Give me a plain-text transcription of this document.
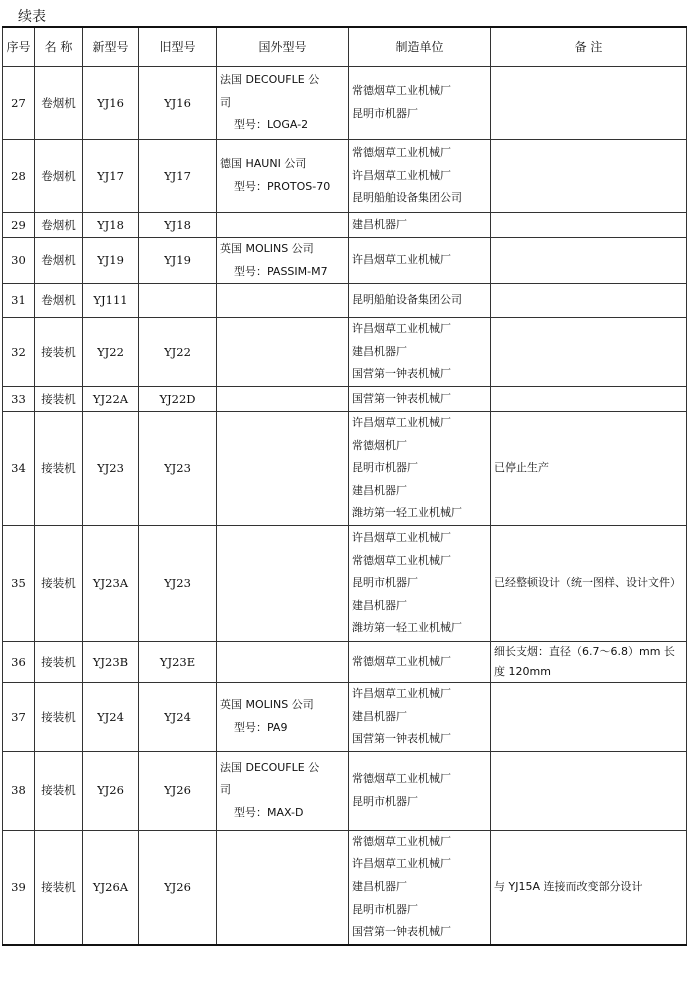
续表
序号	名 称	新型号	旧型号	国外型号	制造单位	备 注
27	卷烟机	YJ16	YJ16	法国 DECOUFLE 公
司
型号：LOGA-2	常德烟草工业机械厂
昆明市机器厂	

28	卷烟机	YJ17	YJ17	德国 HAUNI 公司
型号：PROTOS-70	常德烟草工业机械厂
许昌烟草工业机械厂
昆明船舶设备集团公司	

29	卷烟机	YJ18	YJ18		建昌机器厂	

30	卷烟机	YJ19	YJ19	英国 MOLINS 公司
型号：PASSIM-M7	许昌烟草工业机械厂	

31	卷烟机	YJ111			昆明船舶设备集团公司	

32	接装机	YJ22	YJ22		许昌烟草工业机械厂
建昌机器厂
国营第一钟表机械厂	

33	接装机	YJ22A	YJ22D		国营第一钟表机械厂	

34	接装机	YJ23	YJ23		许昌烟草工业机械厂
常德烟机厂
昆明市机器厂
建昌机器厂
潍坊第一轻工业机械厂	已停止生产

35	接装机	YJ23A	YJ23		许昌烟草工业机械厂
常德烟草工业机械厂
昆明市机器厂
建昌机器厂
潍坊第一轻工业机械厂	已经整顿设计（统一图样、设计文件）

36	接装机	YJ23B	YJ23E		常德烟草工业机械厂	细长支烟：直径（6.7～6.8）mm 长度 120mm

37	接装机	YJ24	YJ24	英国 MOLINS 公司
型号：PA9	许昌烟草工业机械厂
建昌机器厂
国营第一钟表机械厂	

38	接装机	YJ26	YJ26	法国 DECOUFLE 公
司
型号：MAX-D	常德烟草工业机械厂
昆明市机器厂	

39	接装机	YJ26A	YJ26		常德烟草工业机械厂
许昌烟草工业机械厂
建昌机器厂
昆明市机器厂
国营第一钟表机械厂	与 YJ15A 连接而改变部分设计
